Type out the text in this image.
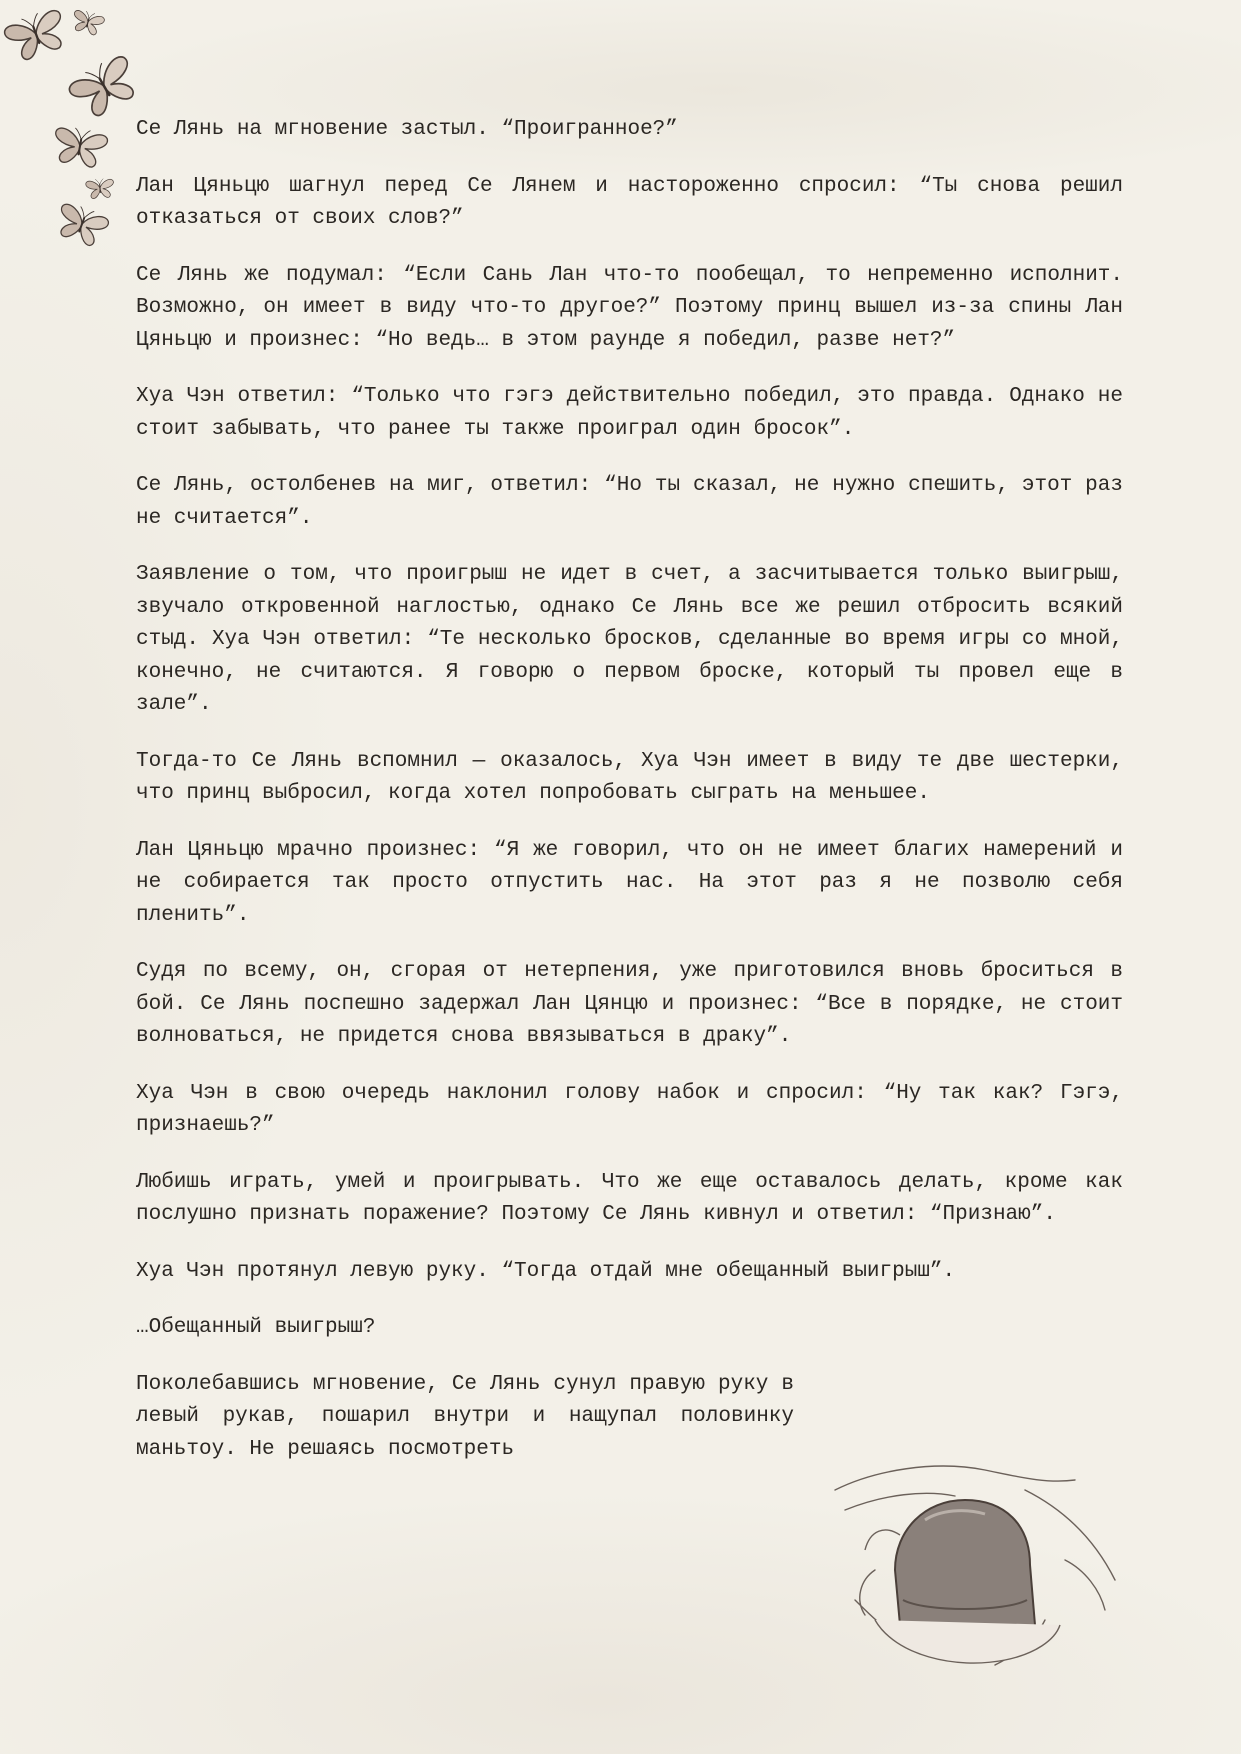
Се Лянь на мгновение застыл. “Проигранное?”

Лан Цяньцю шагнул перед Се Лянем и настороженно спросил: “Ты снова решил отказаться от своих слов?”

Се Лянь же подумал: “Если Сань Лан что-то пообещал, то непременно исполнит. Возможно, он имеет в виду что-то другое?” Поэтому принц вышел из-за спины Лан Цяньцю и произнес: “Но ведь… в этом раунде я победил, разве нет?”

Хуа Чэн ответил: “Только что гэгэ действительно победил, это правда. Однако не стоит забывать, что ранее ты также проиграл один бросок”.

Се Лянь, остолбенев на миг, ответил: “Но ты сказал, не нужно спешить, этот раз не считается”.

Заявление о том, что проигрыш не идет в счет, а засчитывается только выигрыш, звучало откровенной наглостью, однако Се Лянь все же решил отбросить всякий стыд. Хуа Чэн ответил: “Те несколько бросков, сделанные во время игры со мной, конечно, не считаются. Я говорю о первом броске, который ты провел еще в зале”.

Тогда-то Се Лянь вспомнил — оказалось, Хуа Чэн имеет в виду те две шестерки, что принц выбросил, когда хотел попробовать сыграть на меньшее.

Лан Цяньцю мрачно произнес: “Я же говорил, что он не имеет благих намерений и не собирается так просто отпустить нас. На этот раз я не позволю себя пленить”.

Судя по всему, он, сгорая от нетерпения, уже приготовился вновь броситься в бой. Се Лянь поспешно задержал Лан Цянцю и произнес: “Все в порядке, не стоит волноваться, не придется снова ввязываться в драку”.

Хуа Чэн в свою очередь наклонил голову набок и спросил: “Ну так как? Гэгэ, признаешь?”

Любишь играть, умей и проигрывать. Что же еще оставалось делать, кроме как послушно признать поражение? Поэтому Се Лянь кивнул и ответил: “Признаю”.

Хуа Чэн протянул левую руку. “Тогда отдай мне обещанный выигрыш”.

…Обещанный выигрыш?

Поколебавшись мгновение, Се Лянь сунул правую руку в левый рукав, пошарил внутри и нащупал половинку маньтоу. Не решаясь посмотреть
